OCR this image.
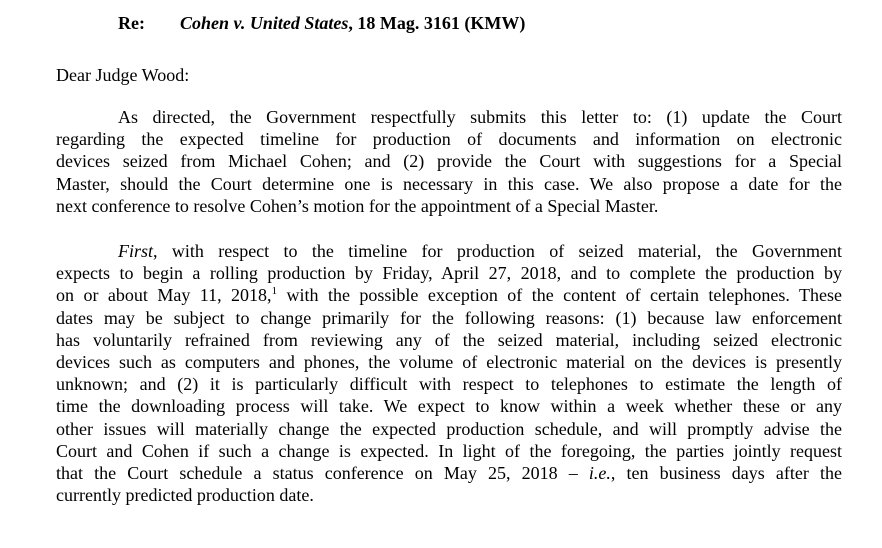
Re: Cohen v. United States, 18 Mag. 3161 (KMW)
Dear Judge Wood:
As directed, the Government respectfully submits this letter to: (1) update the Court
regarding the expected timeline for production of documents and information on electronic
devices seized from Michael Cohen; and (2) provide the Court with suggestions for a Special
Master, should the Court determine one is necessary in this case. We also propose a date for the
next conference to resolve Cohen’s motion for the appointment of a Special Master.
First, with respect to the timeline for production of seized material, the Government
expects to begin a rolling production by Friday, April 27, 2018, and to complete the production by
on or about May 11, 2018,$^1$ with the possible exception of the content of certain telephones. These
dates may be subject to change primarily for the following reasons: (1) because law enforcement
has voluntarily refrained from reviewing any of the seized material, including seized electronic
devices such as computers and phones, the volume of electronic material on the devices is presently
unknown; and (2) it is particularly difficult with respect to telephones to estimate the length of
time the downloading process will take. We expect to know within a week whether these or any
other issues will materially change the expected production schedule, and will promptly advise the
Court and Cohen if such a change is expected. In light of the foregoing, the parties jointly request
that the Court schedule a status conference on May 25, 2018 – i.e., ten business days after the
currently predicted production date.
